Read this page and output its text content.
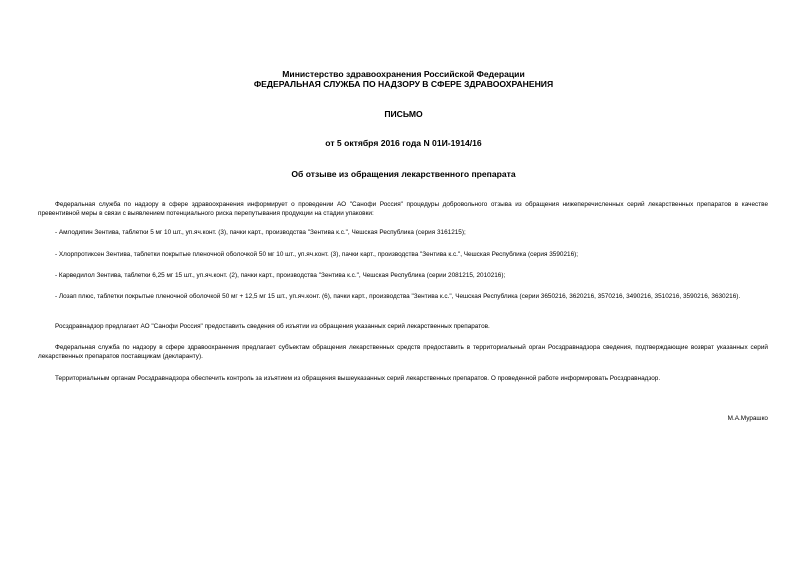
Министерство здравоохранения Российской Федерации
ФЕДЕРАЛЬНАЯ СЛУЖБА ПО НАДЗОРУ В СФЕРЕ ЗДРАВООХРАНЕНИЯ
ПИСЬМО
от 5 октября 2016 года N 01И-1914/16
Об отзыве из обращения лекарственного препарата
Федеральная служба по надзору в сфере здравоохранения информирует о проведении АО "Санофи Россия" процедуры добровольного отзыва из обращения нижеперечисленных серий лекарственных препаратов в качестве превентивной меры в связи с выявлением потенциального риска перепутывания продукции на стадии упаковки:
- Амлодипин Зентива, таблетки 5 мг 10 шт., уп.яч.конт. (3), пачки карт., производства "Зентива к.с.", Чешская Республика (серия 3161215);
- Хлорпротиксен Зентива, таблетки покрытые пленочной оболочкой 50 мг 10 шт., уп.яч.конт. (3), пачки карт., производства "Зентива к.с.", Чешская Республика (серия 3590216);
- Карведилол Зентива, таблетки 6,25 мг 15 шт., уп.яч.конт. (2), пачки карт., производства "Зентива к.с.", Чешская Республика (серии 2081215, 2010216);
- Лозап плюс, таблетки покрытые пленочной оболочкой 50 мг + 12,5 мг 15 шт., уп.яч.конт. (6), пачки карт., производства "Зентива к.с.", Чешская Республика (серии 3650216, 3620216, 3570216, 3490216, 3510216, 3590216, 3630216).
Росздравнадзор предлагает АО "Санофи Россия" предоставить сведения об изъятии из обращения указанных серий лекарственных препаратов.
Федеральная служба по надзору в сфере здравоохранения предлагает субъектам обращения лекарственных средств предоставить в территориальный орган Росздравнадзора сведения, подтверждающие возврат указанных серий лекарственных препаратов поставщикам (декларанту).
Территориальным органам Росздравнадзора обеспечить контроль за изъятием из обращения вышеуказанных серий лекарственных препаратов. О проведенной работе информировать Росздравнадзор.
М.А.Мурашко
